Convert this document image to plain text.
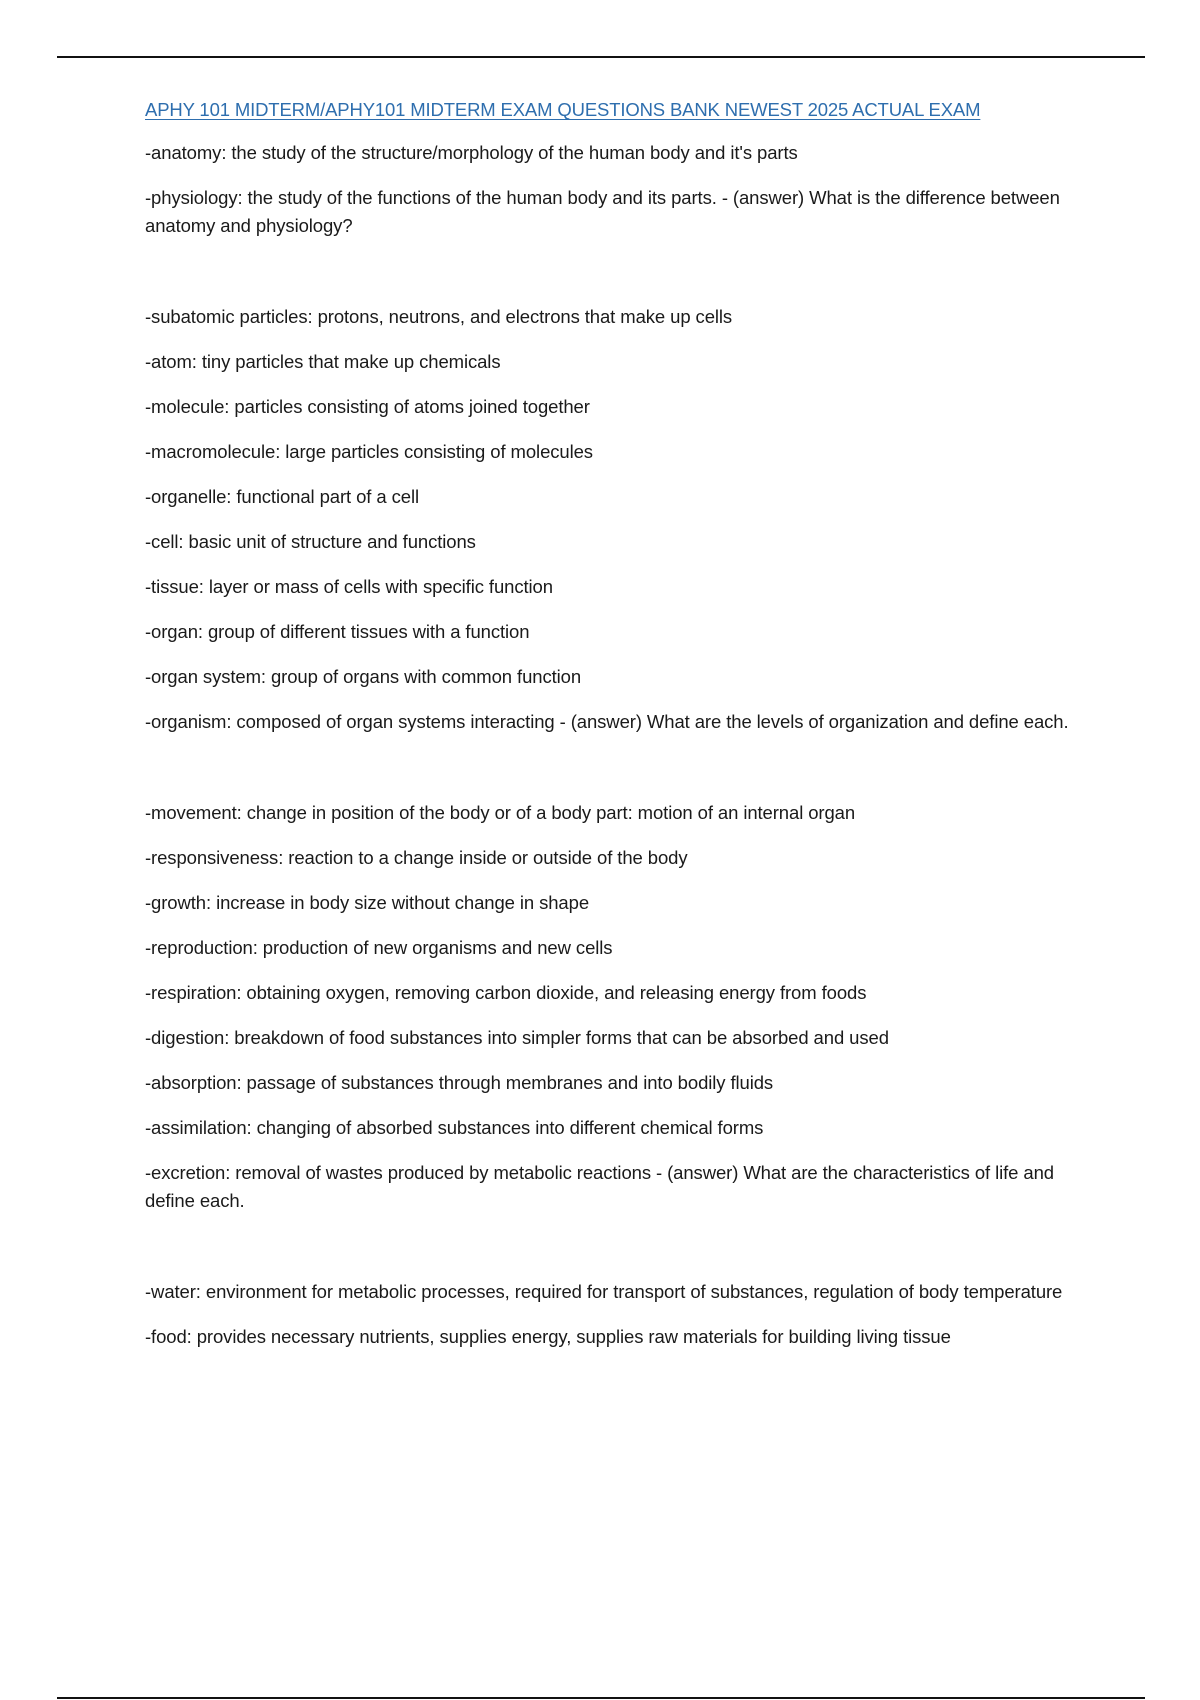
APHY 101 MIDTERM/APHY101 MIDTERM EXAM QUESTIONS BANK NEWEST 2025 ACTUAL EXAM
-anatomy: the study of the structure/morphology of the human body and it's parts
-physiology: the study of the functions of the human body and its parts. - (answer) What is the difference between anatomy and physiology?
-subatomic particles: protons, neutrons, and electrons that make up cells
-atom: tiny particles that make up chemicals
-molecule: particles consisting of atoms joined together
-macromolecule: large particles consisting of molecules
-organelle: functional part of a cell
-cell: basic unit of structure and functions
-tissue: layer or mass of cells with specific function
-organ: group of different tissues with a function
-organ system: group of organs with common function
-organism: composed of organ systems interacting - (answer) What are the levels of organization and define each.
-movement: change in position of the body or of a body part: motion of an internal organ
-responsiveness: reaction to a change inside or outside of the body
-growth: increase in body size without change in shape
-reproduction: production of new organisms and new cells
-respiration: obtaining oxygen, removing carbon dioxide, and releasing energy from foods
-digestion: breakdown of food substances into simpler forms that can be absorbed and used
-absorption: passage of substances through membranes and into bodily fluids
-assimilation: changing of absorbed substances into different chemical forms
-excretion: removal of wastes produced by metabolic reactions - (answer) What are the characteristics of life and define each.
-water: environment for metabolic processes, required for transport of substances, regulation of body temperature
-food: provides necessary nutrients, supplies energy, supplies raw materials for building living tissue
